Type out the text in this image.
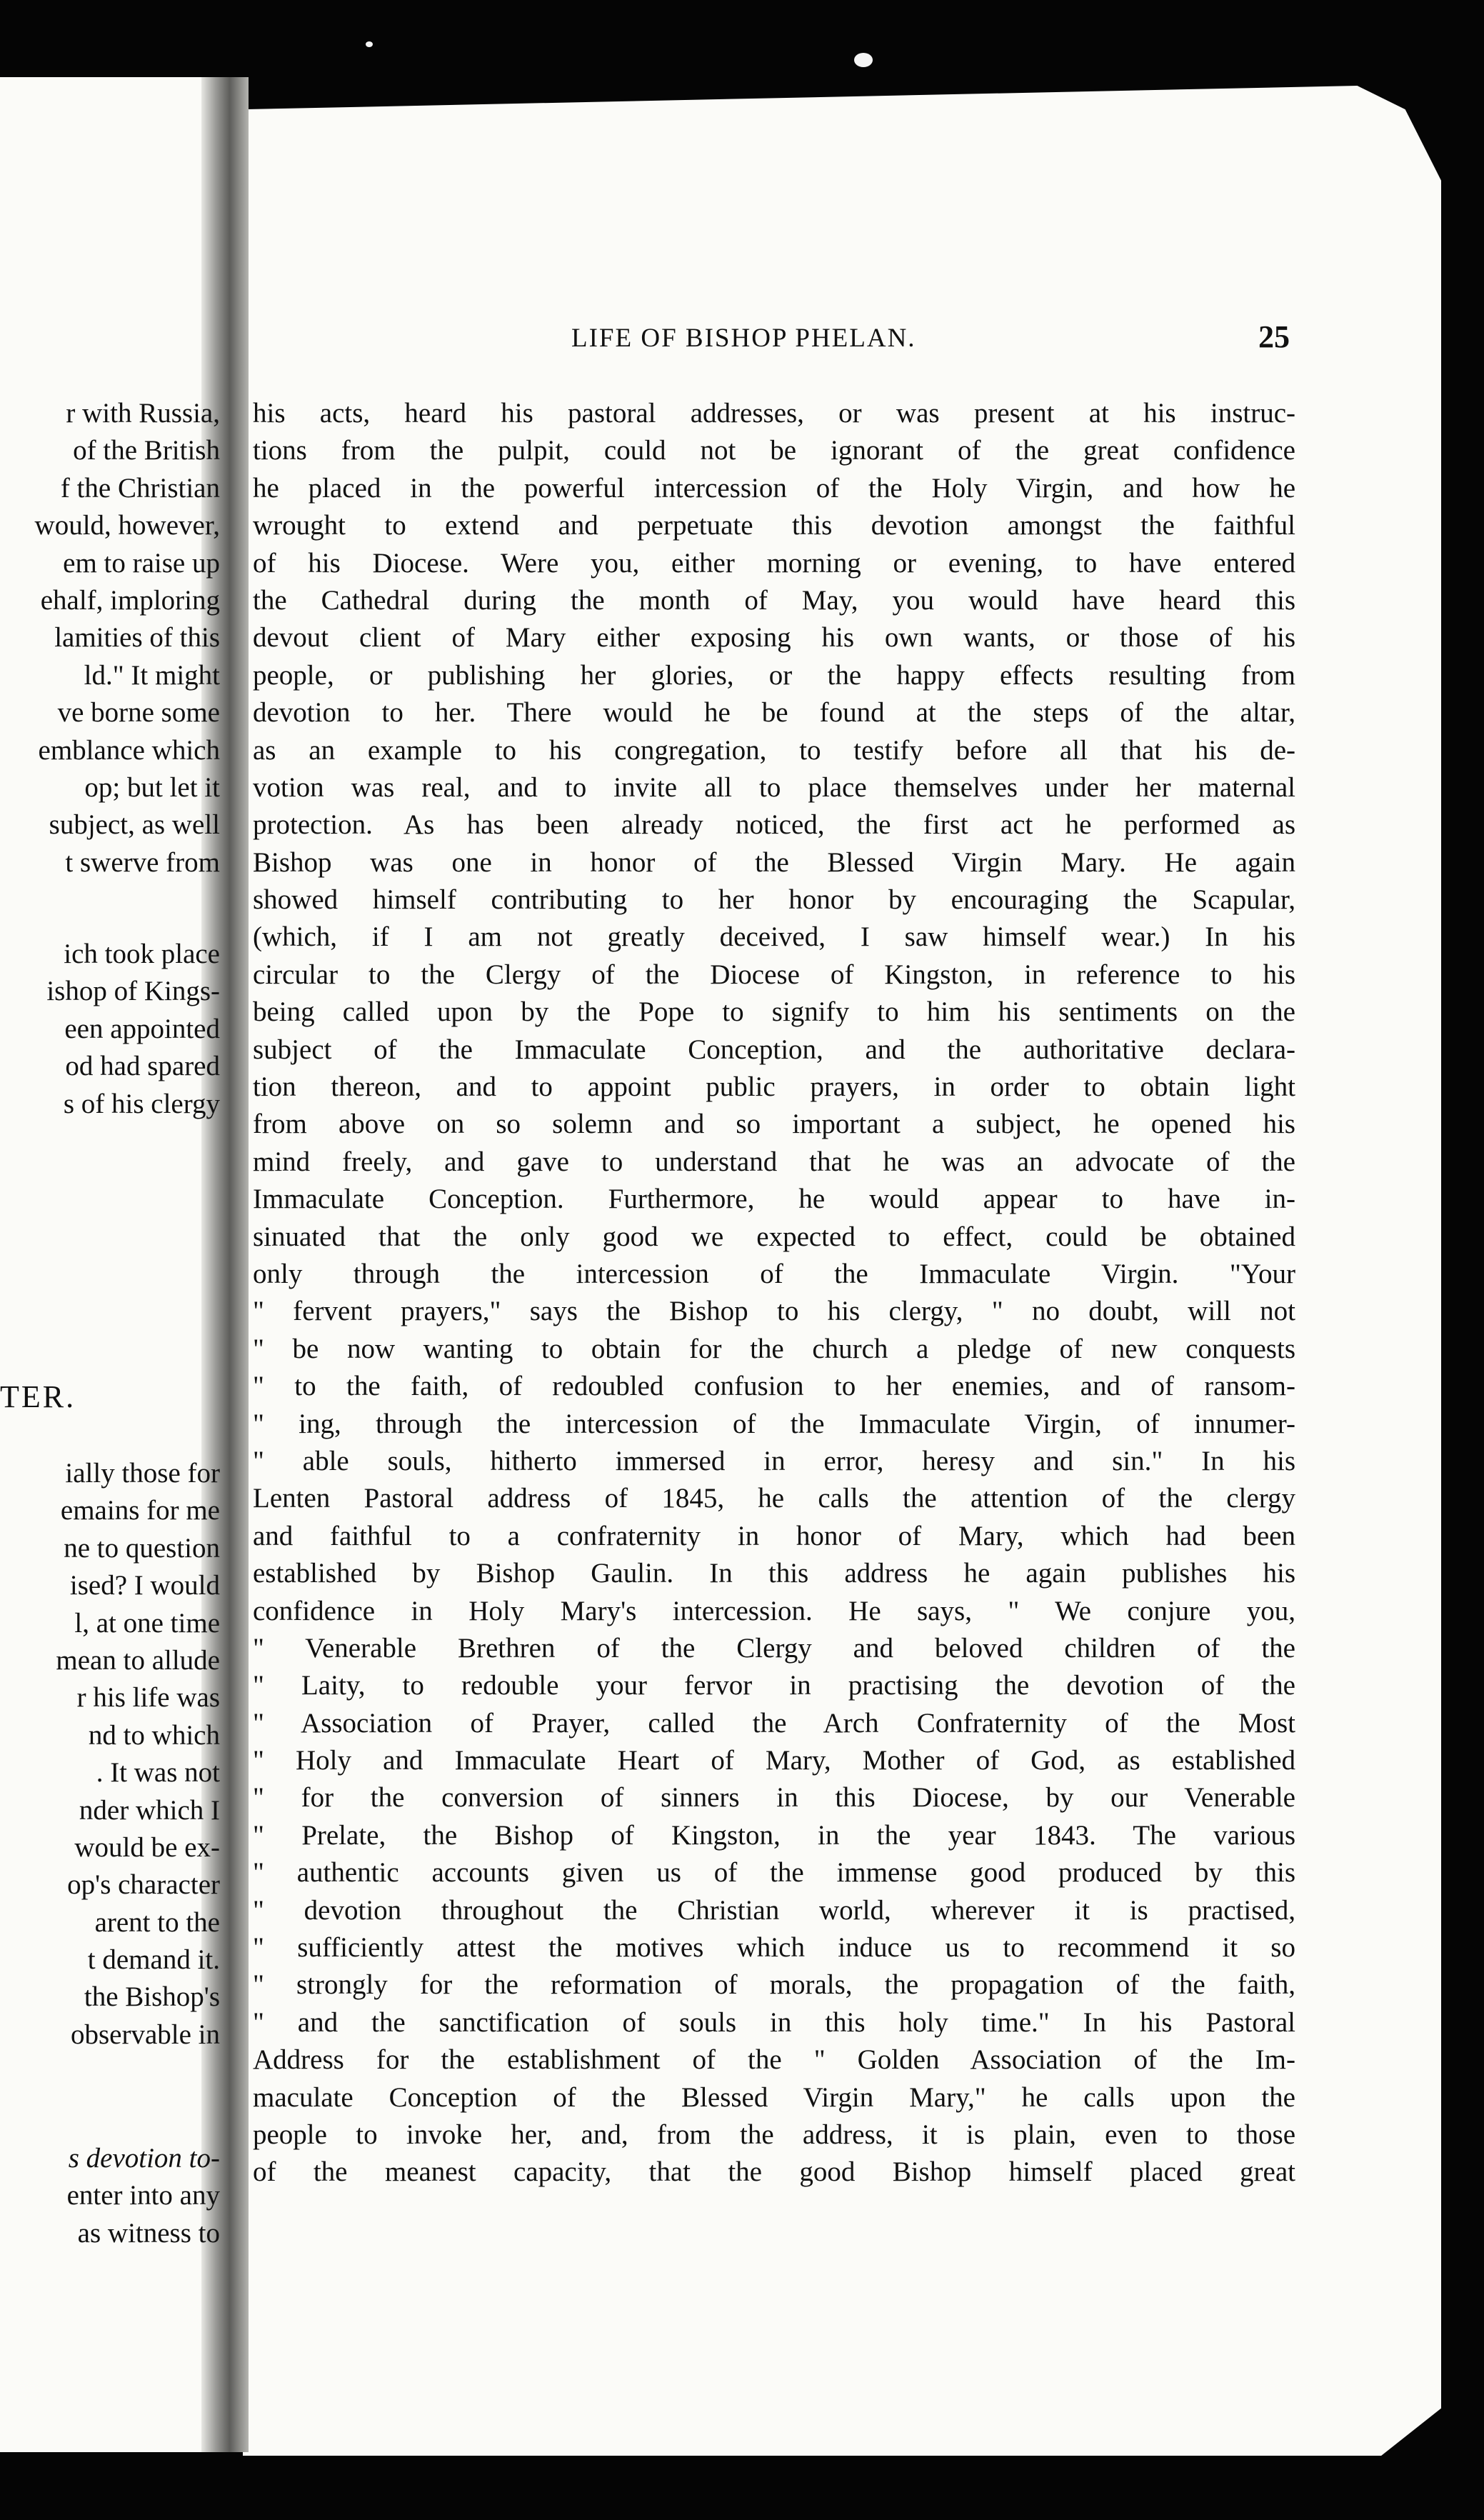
LIFE OF BISHOP PHELAN.	25
r with Russia,
of the British
f the Christian
would, however,
em to raise up
ehalf, imploring
lamities of this
ld." It might
ve borne some
emblance which
op; but let it
subject, as well
t swerve from
ich took place
ishop of Kings-
een appointed
od had spared
s of his clergy
TER.
ially those for
emains for me
ne to question
ised? I would
l, at one time
mean to allude
r his life was
nd to which
. It was not
nder which I
would be ex-
op's character
arent to the
t demand it.
the Bishop's
observable in
s devotion to-
enter into any
as witness to
his acts, heard his pastoral addresses, or was present at his instruc-
tions from the pulpit, could not be ignorant of the great confidence
he placed in the powerful intercession of the Holy Virgin, and how he
wrought to extend and perpetuate this devotion amongst the faithful
of his Diocese. Were you, either morning or evening, to have entered
the Cathedral during the month of May, you would have heard this
devout client of Mary either exposing his own wants, or those of his
people, or publishing her glories, or the happy effects resulting from
devotion to her. There would he be found at the steps of the altar,
as an example to his congregation, to testify before all that his de-
votion was real, and to invite all to place themselves under her maternal
protection. As has been already noticed, the first act he performed as
Bishop was one in honor of the Blessed Virgin Mary. He again
showed himself contributing to her honor by encouraging the Scapular,
(which, if I am not greatly deceived, I saw himself wear.) In his
circular to the Clergy of the Diocese of Kingston, in reference to his
being called upon by the Pope to signify to him his sentiments on the
subject of the Immaculate Conception, and the authoritative declara-
tion thereon, and to appoint public prayers, in order to obtain light
from above on so solemn and so important a subject, he opened his
mind freely, and gave to understand that he was an advocate of the
Immaculate Conception. Furthermore, he would appear to have in-
sinuated that the only good we expected to effect, could be obtained
only through the intercession of the Immaculate Virgin. "Your
" fervent prayers," says the Bishop to his clergy, " no doubt, will not
" be now wanting to obtain for the church a pledge of new conquests
" to the faith, of redoubled confusion to her enemies, and of ransom-
" ing, through the intercession of the Immaculate Virgin, of innumer-
" able souls, hitherto immersed in error, heresy and sin." In his
Lenten Pastoral address of 1845, he calls the attention of the clergy
and faithful to a confraternity in honor of Mary, which had been
established by Bishop Gaulin. In this address he again publishes his
confidence in Holy Mary's intercession. He says, " We conjure you,
" Venerable Brethren of the Clergy and beloved children of the
" Laity, to redouble your fervor in practising the devotion of the
" Association of Prayer, called the Arch Confraternity of the Most
" Holy and Immaculate Heart of Mary, Mother of God, as established
" for the conversion of sinners in this Diocese, by our Venerable
" Prelate, the Bishop of Kingston, in the year 1843. The various
" authentic accounts given us of the immense good produced by this
" devotion throughout the Christian world, wherever it is practised,
" sufficiently attest the motives which induce us to recommend it so
" strongly for the reformation of morals, the propagation of the faith,
" and the sanctification of souls in this holy time." In his Pastoral
Address for the establishment of the " Golden Association of the Im-
maculate Conception of the Blessed Virgin Mary," he calls upon the
people to invoke her, and, from the address, it is plain, even to those
of the meanest capacity, that the good Bishop himself placed great
